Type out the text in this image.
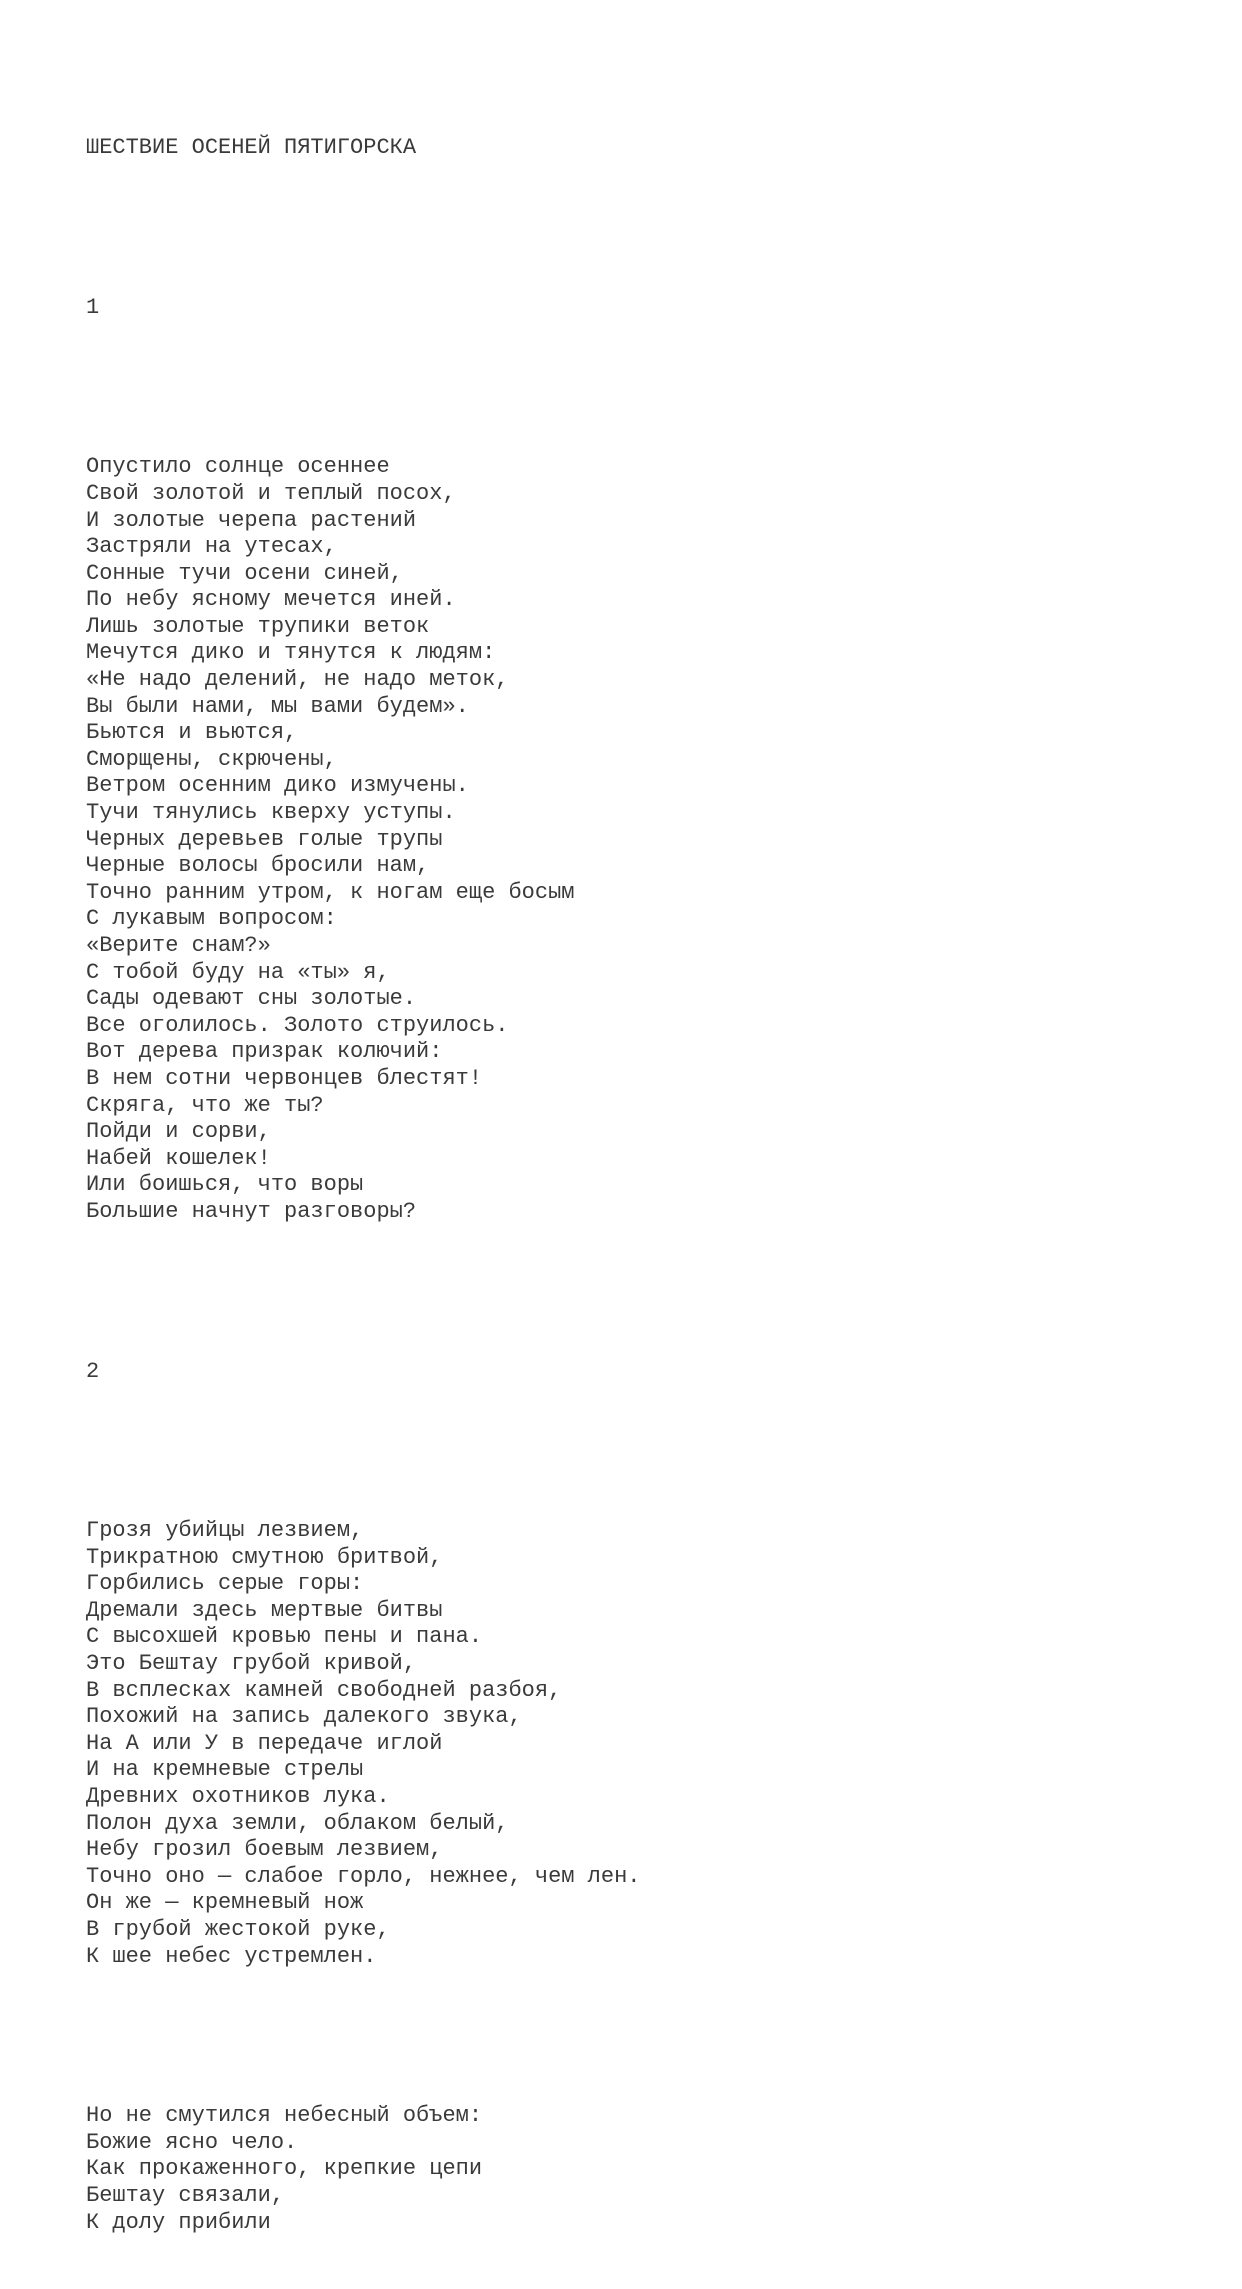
ШЕСТВИЕ ОСЕНЕЙ ПЯТИГОРСКА

1

Опустило солнце осеннее
Свой золотой и теплый посох,
И золотые черепа растений
Застряли на утесах,
Сонные тучи осени синей,
По небу ясному мечется иней.
Лишь золотые трупики веток
Мечутся дико и тянутся к людям:
«Не надо делений, не надо меток,
Вы были нами, мы вами будем».
Бьются и вьются,
Сморщены, скрючены,
Ветром осенним дико измучены.
Тучи тянулись кверху уступы.
Черных деревьев голые трупы
Черные волосы бросили нам,
Точно ранним утром, к ногам еще босым
С лукавым вопросом:
«Верите снам?»
С тобой буду на «ты» я,
Сады одевают сны золотые.
Все оголилось. Золото струилось.
Вот дерева призрак колючий:
В нем сотни червонцев блестят!
Скряга, что же ты?
Пойди и сорви,
Набей кошелек!
Или боишься, что воры
Большие начнут разговоры?

2

Грозя убийцы лезвием,
Трикратною смутною бритвой,
Горбились серые горы:
Дремали здесь мертвые битвы
С высохшей кровью пены и пана.
Это Бештау грубой кривой,
В всплесках камней свободней разбоя,
Похожий на запись далекого звука,
На А или У в передаче иглой
И на кремневые стрелы
Древних охотников лука.
Полон духа земли, облаком белый,
Небу грозил боевым лезвием,
Точно оно — слабое горло, нежнее, чем лен.
Он же — кремневый нож
В грубой жестокой руке,
К шее небес устремлен.

Но не смутился небесный объем:
Божие ясно чело.
Как прокаженного, крепкие цепи
Бештау связали,
К долу прибили
